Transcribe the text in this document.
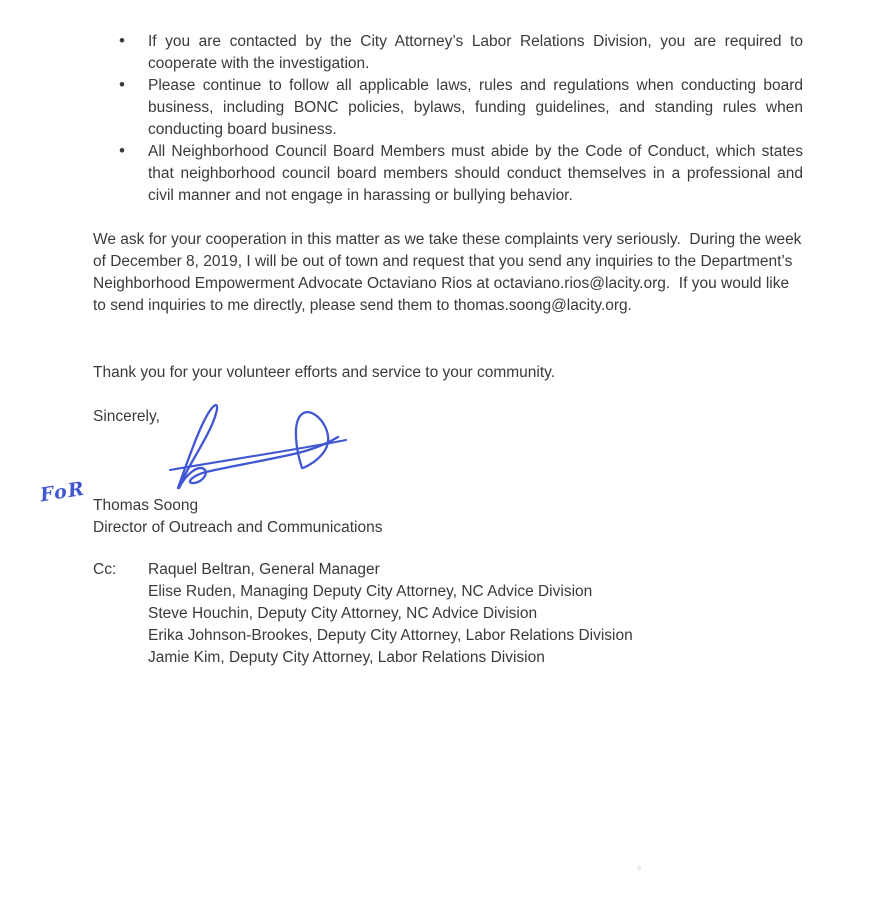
• If you are contacted by the City Attorney’s Labor Relations Division, you are required to cooperate with the investigation.
• Please continue to follow all applicable laws, rules and regulations when conducting board business, including BONC policies, bylaws, funding guidelines, and standing rules when conducting board business.
• All Neighborhood Council Board Members must abide by the Code of Conduct, which states that neighborhood council board members should conduct themselves in a professional and civil manner and not engage in harassing or bullying behavior.

We ask for your cooperation in this matter as we take these complaints very seriously.  During the week of December 8, 2019, I will be out of town and request that you send any inquiries to the Department’s Neighborhood Empowerment Advocate Octaviano Rios at octaviano.rios@lacity.org.  If you would like to send inquiries to me directly, please send them to thomas.soong@lacity.org.

Thank you for your volunteer efforts and service to your community.

Sincerely,

FoR Thomas Soong
Director of Outreach and Communications
Cc:	Raquel Beltran, General Manager
Elise Ruden, Managing Deputy City Attorney, NC Advice Division
Steve Houchin, Deputy City Attorney, NC Advice Division
Erika Johnson-Brookes, Deputy City Attorney, Labor Relations Division
Jamie Kim, Deputy City Attorney, Labor Relations Division
